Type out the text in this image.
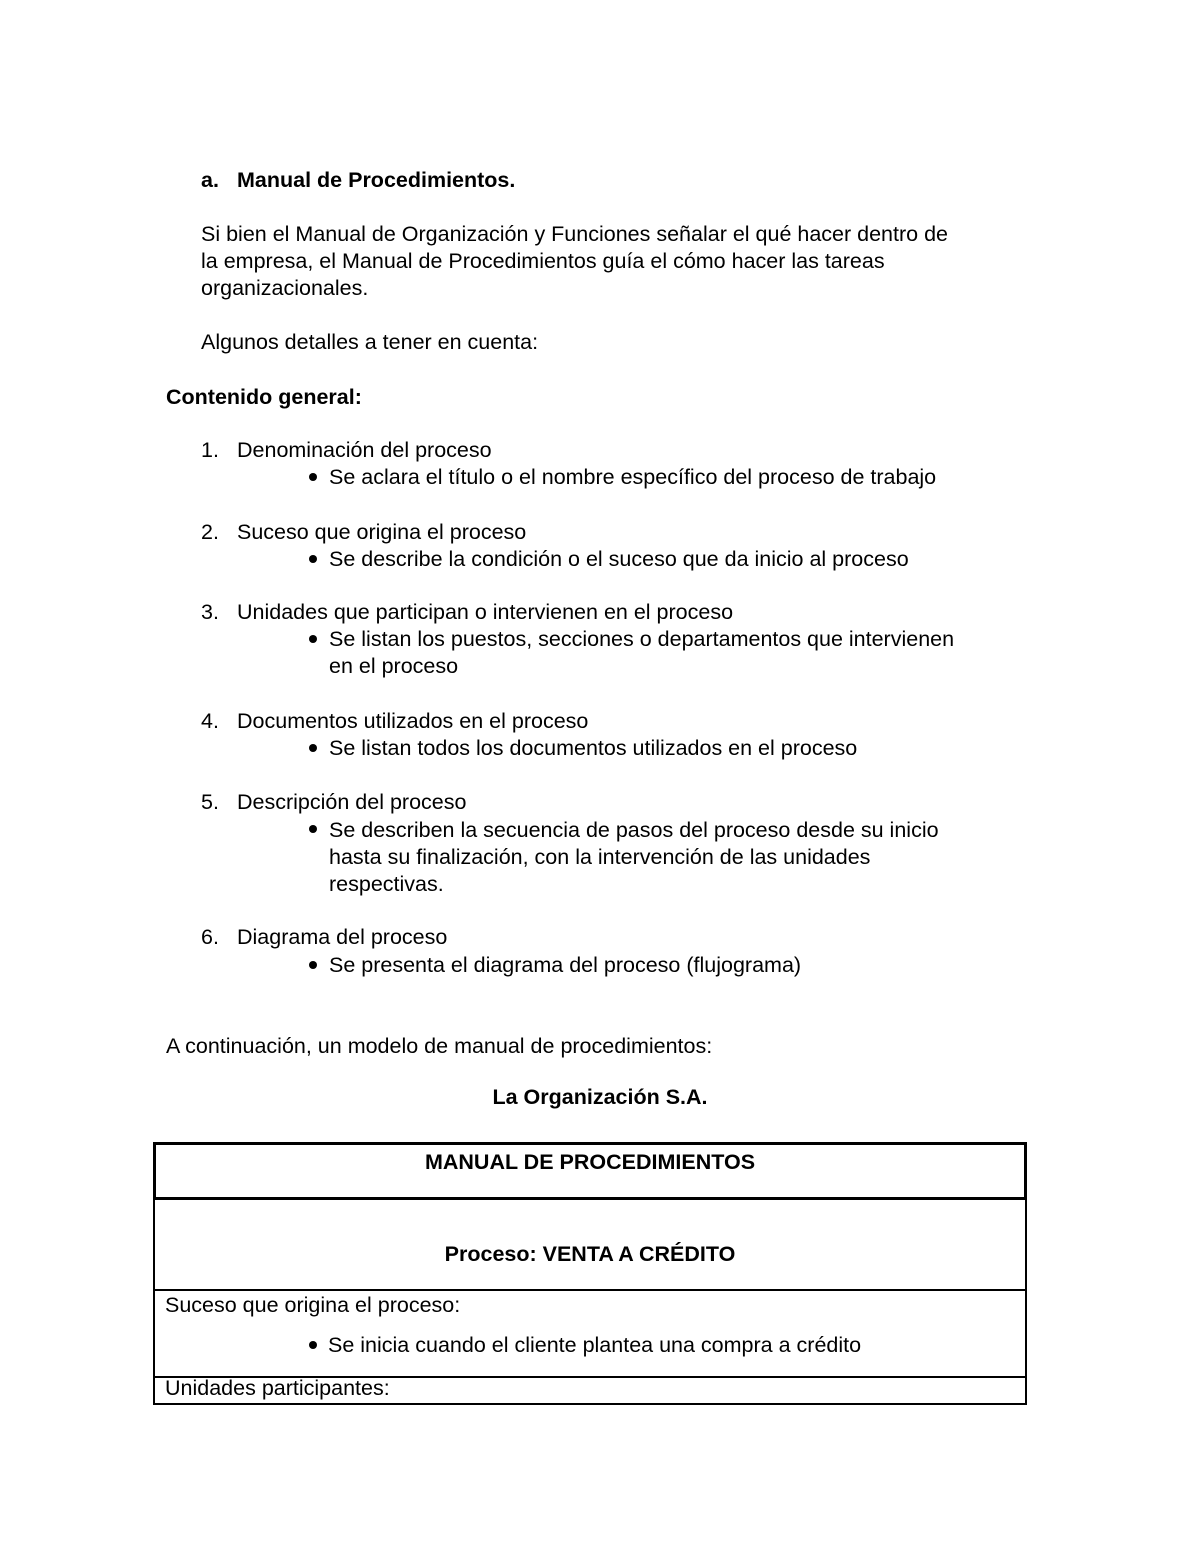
a. Manual de Procedimientos.
Si bien el Manual de Organización y Funciones señalar el qué hacer dentro de
la empresa, el Manual de Procedimientos guía el cómo hacer las tareas
organizacionales.
Algunos detalles a tener en cuenta:
Contenido general:
1. Denominación del proceso
Se aclara el título o el nombre específico del proceso de trabajo
2. Suceso que origina el proceso
Se describe la condición o el suceso que da inicio al proceso
3. Unidades que participan o intervienen en el proceso
Se listan los puestos, secciones o departamentos que intervienen
en el proceso
4. Documentos utilizados en el proceso
Se listan todos los documentos utilizados en el proceso
5. Descripción del proceso
Se describen la secuencia de pasos del proceso desde su inicio
hasta su finalización, con la intervención de las unidades
respectivas.
6. Diagrama del proceso
Se presenta el diagrama del proceso (flujograma)
A continuación, un modelo de manual de procedimientos:
La Organización S.A.
MANUAL DE PROCEDIMIENTOS
Proceso: VENTA A CRÉDITO
Suceso que origina el proceso:
Se inicia cuando el cliente plantea una compra a crédito
Unidades participantes:
